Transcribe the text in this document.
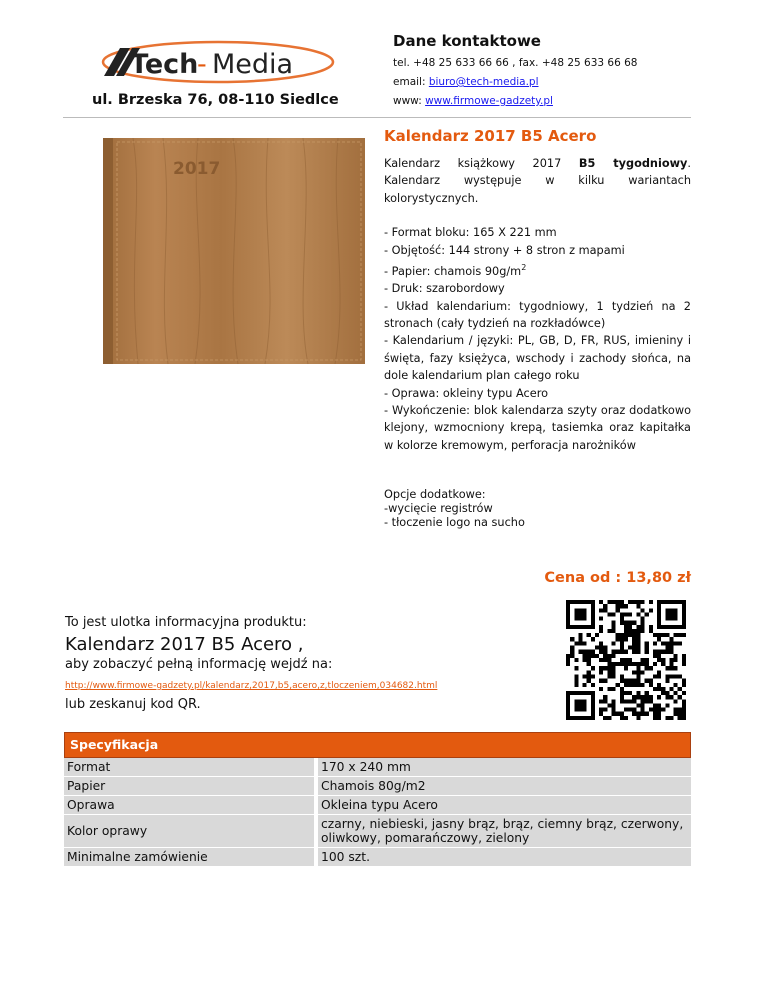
Tech
- Media
ul. Brzeska 76, 08-110 Siedlce
Dane kontaktowe
tel. +48 25 633 66 66 , fax. +48 25 633 66 68
email: biuro@tech-media.pl
www: www.firmowe-gadzety.pl
2017
Kalendarz 2017 B5 Acero

Kalendarz książkowy 2017 B5 tygodniowy. Kalendarz występuje w kilku wariantach kolorystycznych.

- Format bloku: 165 X 221 mm

- Objętość: 144 strony + 8 stron z mapami

- Papier: chamois $90g/m^2$

- Druk: szarobordowy

- Układ kalendarium: tygodniowy, 1 tydzień na 2 stronach (cały tydzień na rozkładówce)

- Kalendarium / języki: PL, GB, D, FR, RUS, imieniny i święta, fazy księżyca, wschody i zachody słońca, na dole kalendarium plan całego roku

- Oprawa: okleiny typu Acero

- Wykończenie: blok kalendarza szyty oraz dodatkowo klejony, wzmocniony krepą, tasiemka oraz kapitałka w kolorze kremowym, perforacja narożników

Opcje dodatkowe:

-wycięcie registrów

- tłoczenie logo na sucho

Cena od : 13,80 zł
To jest ulotka informacyjna produktu:
Kalendarz 2017 B5 Acero ,
aby zobaczyć pełną informację wejdź na:
http://www.firmowe-gadzety.pl/kalendarz,2017,b5,acero,z,tloczeniem,034682.html
lub zeskanuj kod QR.
Specyfikacja
Format	170 x 240 mm
Papier	Chamois 80g/m2
Oprawa	Okleina typu Acero
Kolor oprawy	czarny, niebieski, jasny brąz, brąz, ciemny brąz, czerwony, oliwkowy, pomarańczowy, zielony
Minimalne zamówienie	100 szt.
